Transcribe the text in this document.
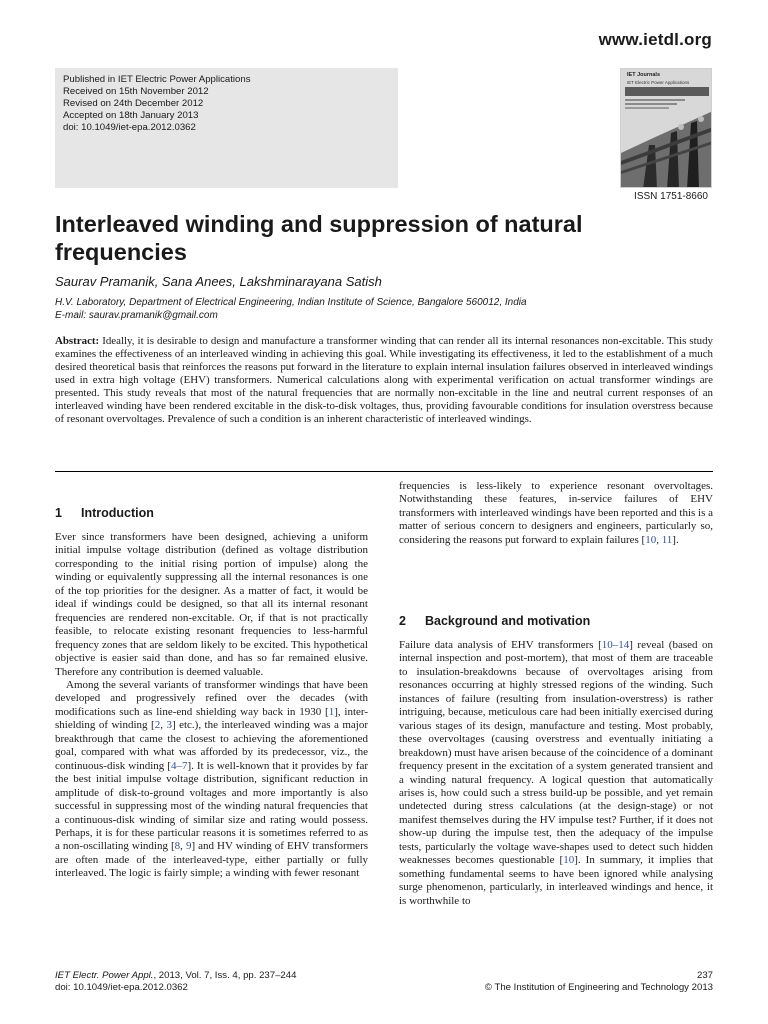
www.ietdl.org
Published in IET Electric Power Applications
Received on 15th November 2012
Revised on 24th December 2012
Accepted on 18th January 2013
doi: 10.1049/iet-epa.2012.0362
IET Journals
IET Electric Power Applications
ISSN 1751-8660
Interleaved winding and suppression of natural frequencies
Saurav Pramanik, Sana Anees, Lakshminarayana Satish
H.V. Laboratory, Department of Electrical Engineering, Indian Institute of Science, Bangalore 560012, India
E-mail: saurav.pramanik@gmail.com
Abstract: Ideally, it is desirable to design and manufacture a transformer winding that can render all its internal resonances non-excitable. This study examines the effectiveness of an interleaved winding in achieving this goal. While investigating its effectiveness, it led to the establishment of a much desired theoretical basis that reinforces the reasons put forward in the literature to explain internal insulation failures observed in interleaved windings used in extra high voltage (EHV) transformers. Numerical calculations along with experimental verification on actual transformer windings are presented. This study reveals that most of the natural frequencies that are normally non-excitable in the line and neutral current responses of an interleaved winding have been rendered excitable in the disk-to-disk voltages, thus, providing favourable conditions for insulation overstress because of resonant overvoltages. Prevalence of such a condition is an inherent characteristic of interleaved windings.
1 Introduction

Ever since transformers have been designed, achieving a uniform initial impulse voltage distribution (defined as voltage distribution corresponding to the initial rising portion of impulse) along the winding or equivalently suppressing all the internal resonances is one of the top priorities for the designer. As a matter of fact, it would be ideal if windings could be designed, so that all its internal resonant frequencies are rendered non-excitable. Or, if that is not practically feasible, to relocate existing resonant frequencies to less-harmful frequency zones that are seldom likely to be excited. This hypothetical objective is easier said than done, and has so far remained elusive. Therefore any contribution is deemed valuable.

Among the several variants of transformer windings that have been developed and progressively refined over the decades (with modifications such as line-end shielding way back in 1930 [1], inter-shielding of winding [2, 3] etc.), the interleaved winding was a major breakthrough that came the closest to achieving the aforementioned goal, compared with what was afforded by its predecessor, viz., the continuous-disk winding [4–7]. It is well-known that it provides by far the best initial impulse voltage distribution, significant reduction in amplitude of disk-to-ground voltages and more importantly is also successful in suppressing most of the winding natural frequencies that a continuous-disk winding of similar size and rating would possess. Perhaps, it is for these particular reasons it is sometimes referred to as a non-oscillating winding [8, 9] and HV winding of EHV transformers are often made of the interleaved-type, either partially or fully interleaved. The logic is fairly simple; a winding with fewer resonant

frequencies is less-likely to experience resonant overvoltages. Notwithstanding these features, in-service failures of EHV transformers with interleaved windings have been reported and this is a matter of serious concern to designers and engineers, particularly so, considering the reasons put forward to explain failures [10, 11].

2 Background and motivation

Failure data analysis of EHV transformers [10–14] reveal (based on internal inspection and post-mortem), that most of them are traceable to insulation-breakdowns because of overvoltages arising from resonances occurring at highly stressed regions of the winding. Such instances of failure (resulting from insulation-overstress) is rather intriguing, because, meticulous care had been initially exercised during various stages of its design, manufacture and testing. Most probably, these overvoltages (causing overstress and eventually initiating a breakdown) must have arisen because of the coincidence of a dominant frequency present in the excitation of a system generated transient and a winding natural frequency. A logical question that automatically arises is, how could such a stress build-up be possible, and yet remain undetected during stress calculations (at the design-stage) or not manifest themselves during the HV impulse test? Further, if it does not show-up during the impulse test, then the adequacy of the impulse tests, particularly the voltage wave-shapes used to detect such hidden weaknesses becomes questionable [10]. In summary, it implies that something fundamental seems to have been ignored while analysing surge phenomenon, particularly, in interleaved windings and hence, it is worthwhile to

IET Electr. Power Appl., 2013, Vol. 7, Iss. 4, pp. 237–244
doi: 10.1049/iet-epa.2012.0362
237
© The Institution of Engineering and Technology 2013
